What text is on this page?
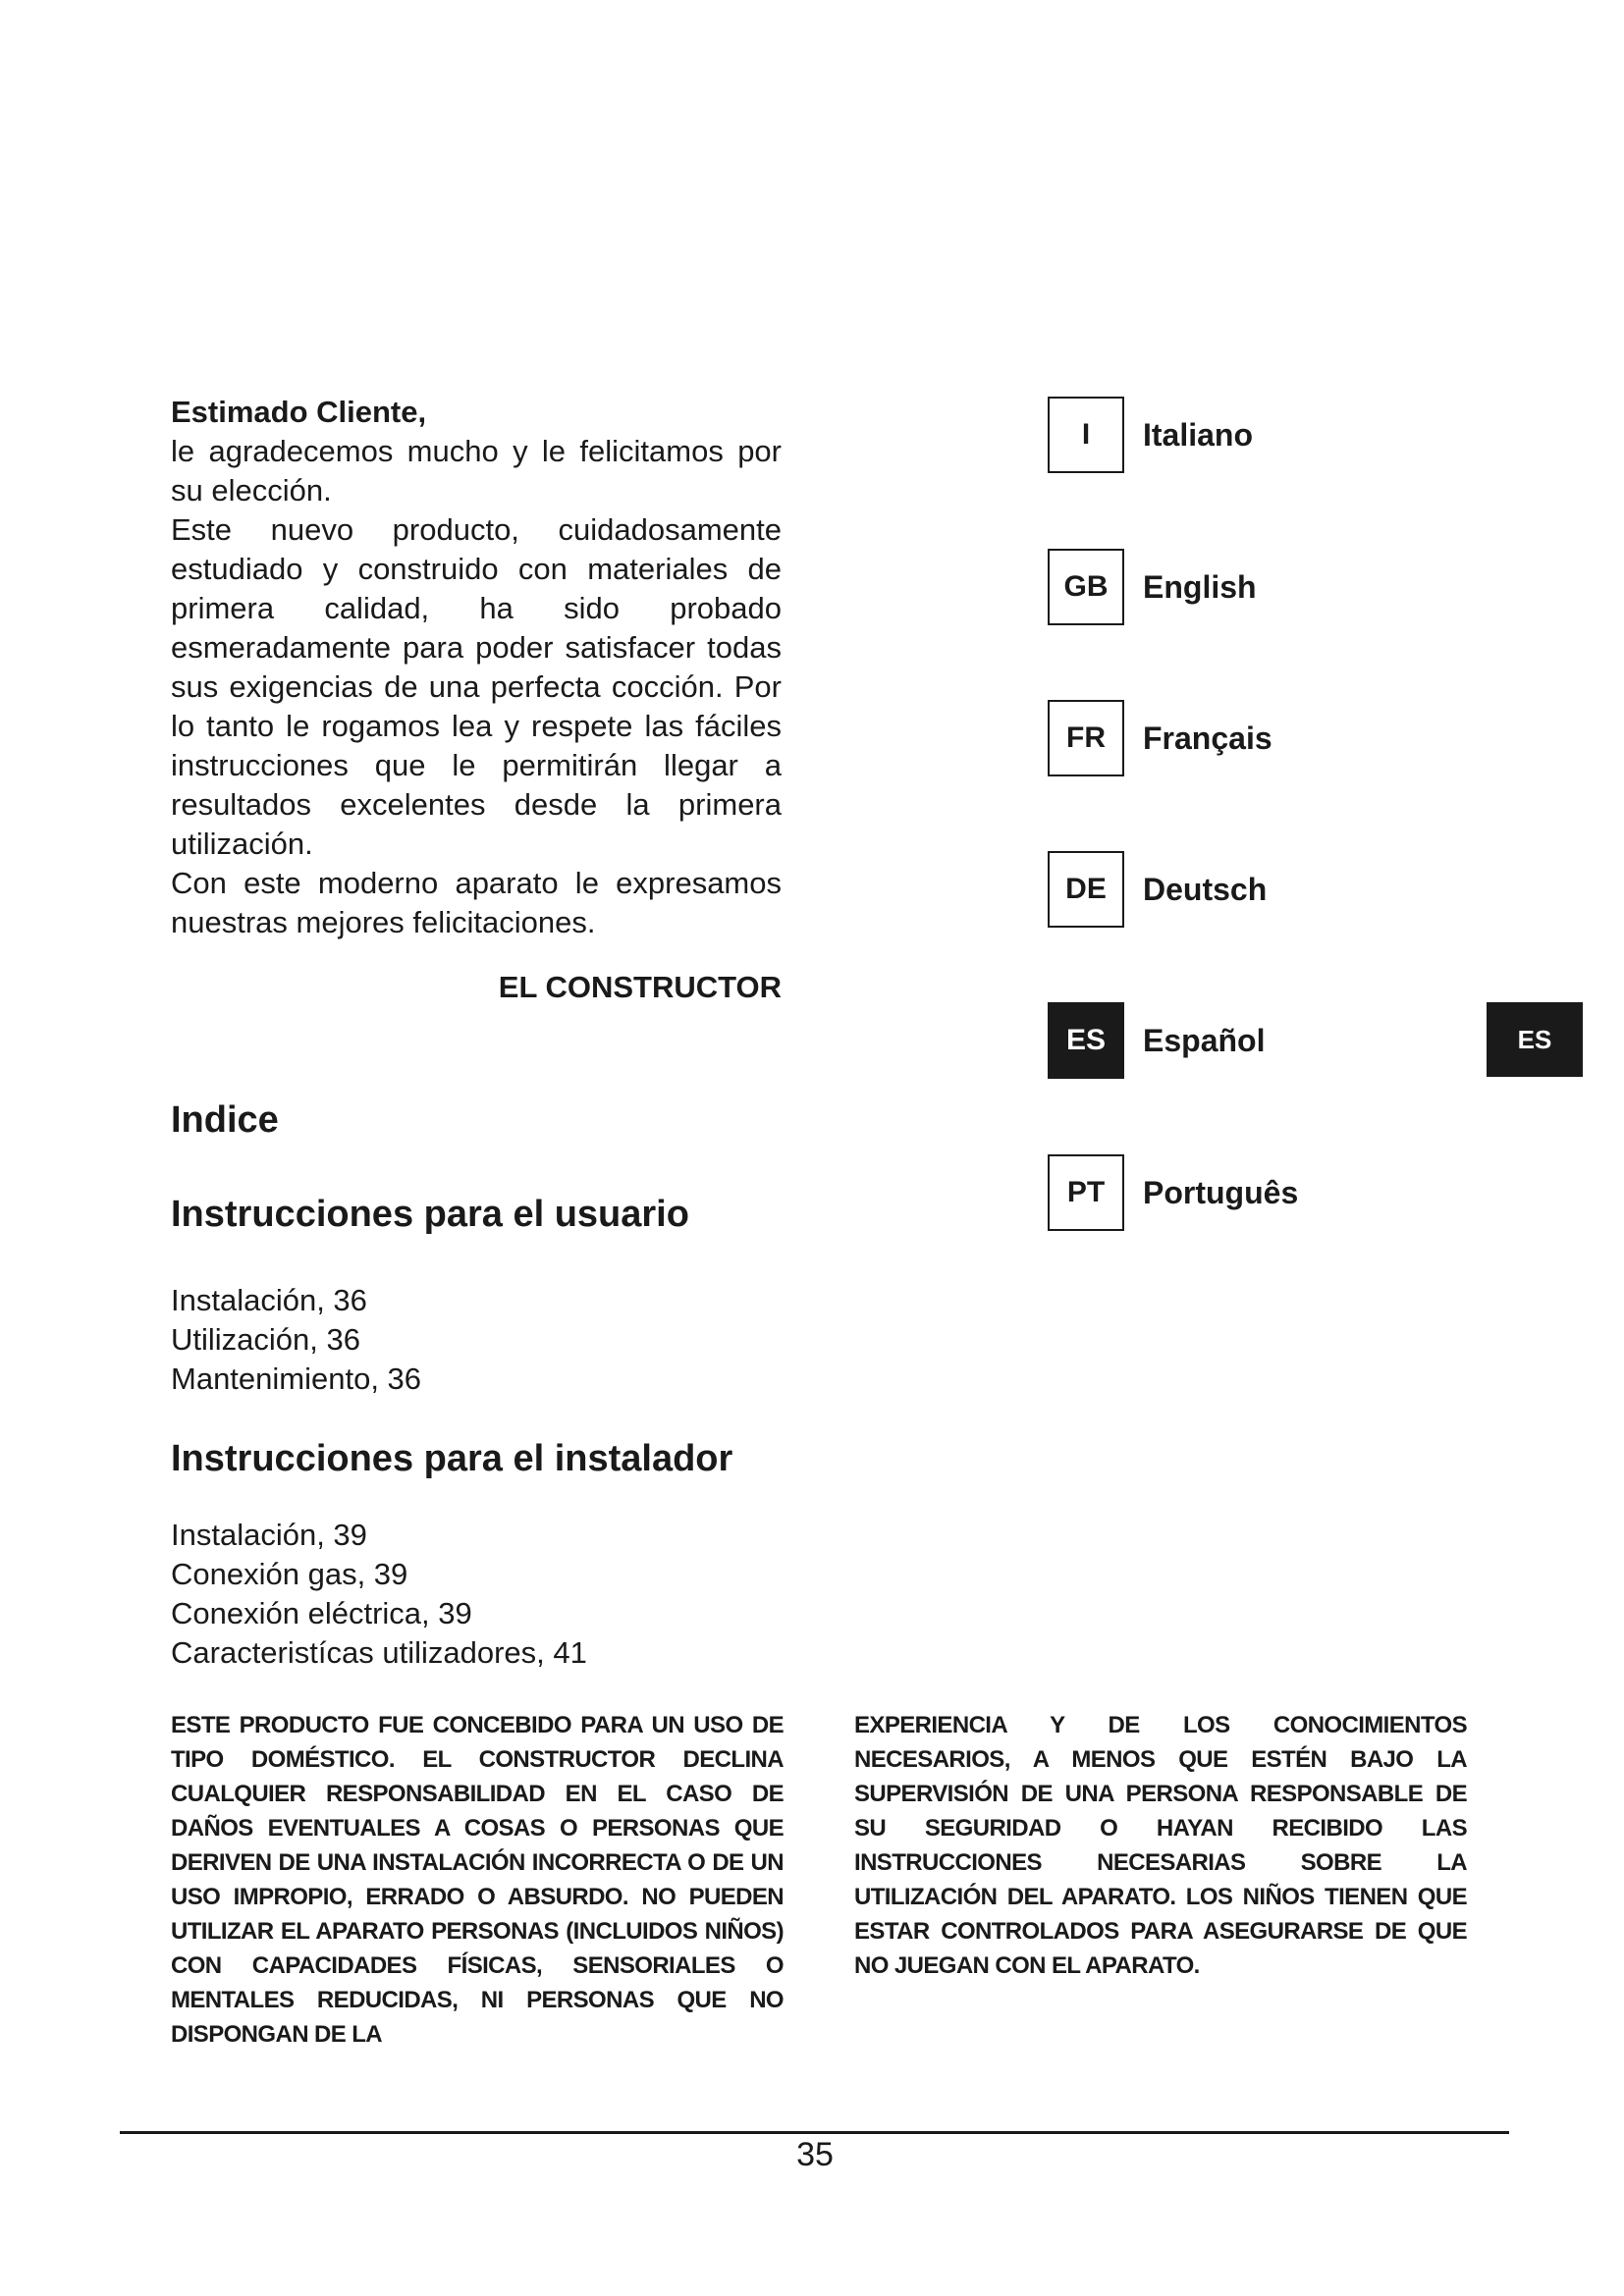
Estimado Cliente,

le agradecemos mucho y le felicitamos por su elección.

Este nuevo producto, cuidadosamente estudiado y construido con materiales de primera calidad, ha sido probado esmeradamente para poder satisfacer todas sus exigencias de una perfecta cocción. Por lo tanto le rogamos lea y respete las fáciles instrucciones que le permitirán llegar a resultados excelentes desde la primera utilización.

Con este moderno aparato le expresamos nuestras mejores felicitaciones.

EL CONSTRUCTOR
Indice
Instrucciones para el usuario
Instalación, 36
Utilización, 36
Mantenimiento, 36
Instrucciones para el instalador
Instalación, 39
Conexión gas, 39
Conexión eléctrica, 39
Caracteristícas utilizadores, 41

ESTE PRODUCTO FUE CONCEBIDO PARA UN USO DE TIPO DOMÉSTICO. EL CONSTRUCTOR DECLINA CUALQUIER RESPONSABILIDAD EN EL CASO DE DAÑOS EVENTUALES A COSAS O PERSONAS QUE DERIVEN DE UNA INSTALACIÓN INCORRECTA O DE UN USO IMPROPIO, ERRADO O ABSURDO. NO PUEDEN UTILIZAR EL APARATO PERSONAS (INCLUIDOS NIÑOS) CON CAPACIDADES FÍSICAS, SENSORIALES O MENTALES REDUCIDAS, NI PERSONAS QUE NO DISPONGAN DE LA

EXPERIENCIA Y DE LOS CONOCIMIENTOS NECESARIOS, A MENOS QUE ESTÉN BAJO LA SUPERVISIÓN DE UNA PERSONA RESPONSABLE DE SU SEGURIDAD O HAYAN RECIBIDO LAS INSTRUCCIONES NECESARIAS SOBRE LA UTILIZACIÓN DEL APARATO. LOS NIÑOS TIENEN QUE ESTAR CONTROLADOS PARA ASEGURARSE DE QUE NO JUEGAN CON EL APARATO.

I	Italiano
GB	English
FR	Français
DE	Deutsch
ES	Español
PT	Português
ES
35
